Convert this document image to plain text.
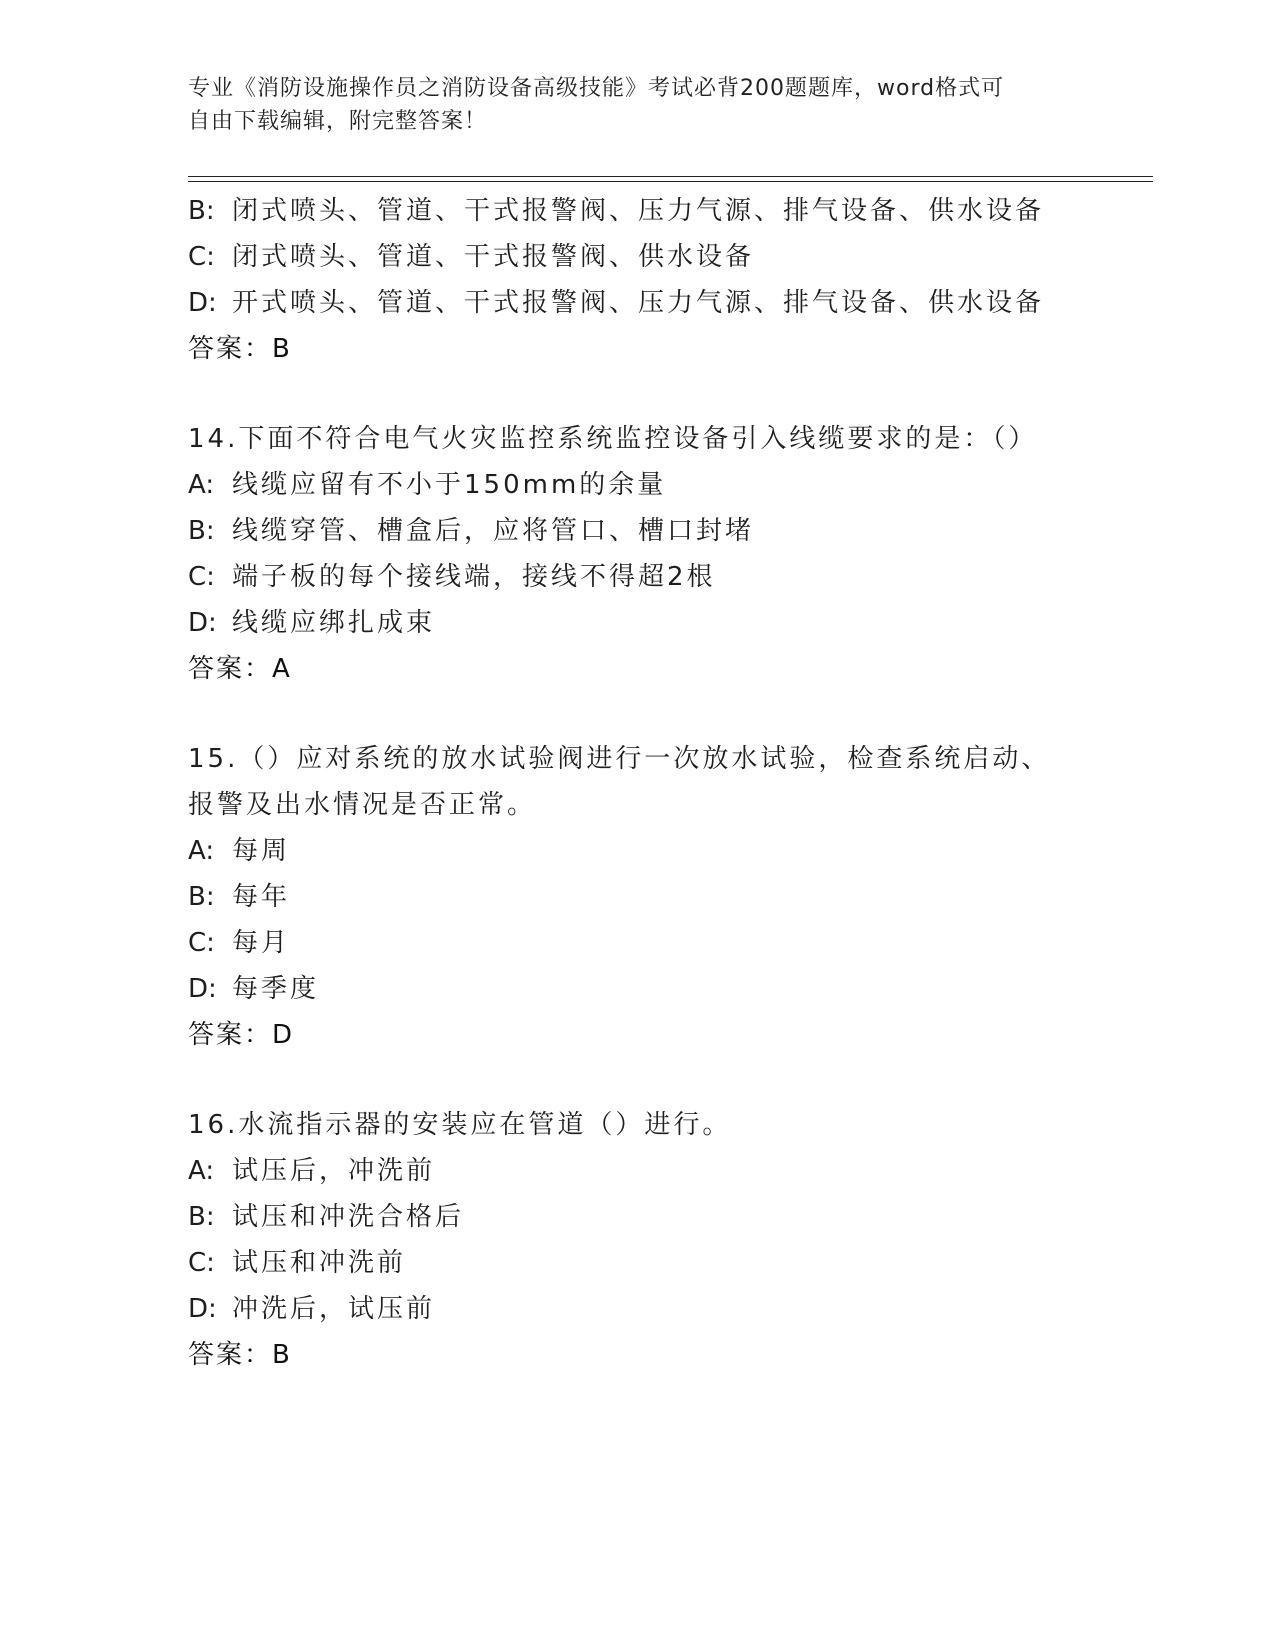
专业《消防设施操作员之消防设备高级技能》考试必背200题题库，word格式可
自由下载编辑，附完整答案！
B: 闭式喷头、管道、干式报警阀、压力气源、排气设备、供水设备
C: 闭式喷头、管道、干式报警阀、供水设备
D: 开式喷头、管道、干式报警阀、压力气源、排气设备、供水设备
答案：B
14.下面不符合电气火灾监控系统监控设备引入线缆要求的是：（）
A: 线缆应留有不小于150mm的余量
B: 线缆穿管、槽盒后，应将管口、槽口封堵
C: 端子板的每个接线端，接线不得超2根
D: 线缆应绑扎成束
答案：A
15.（）应对系统的放水试验阀进行一次放水试验，检查系统启动、报警及出水情况是否正常。
A: 每周
B: 每年
C: 每月
D: 每季度
答案：D
16.水流指示器的安装应在管道（）进行。
A: 试压后，冲洗前
B: 试压和冲洗合格后
C: 试压和冲洗前
D: 冲洗后，试压前
答案：B
